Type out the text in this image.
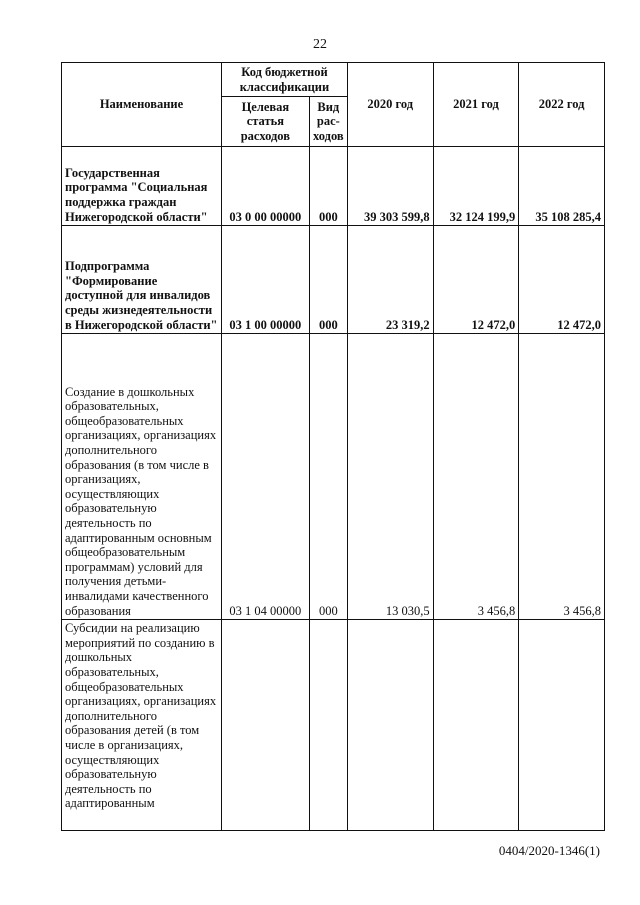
22
Наименование	Код бюджетной классификации		2020 год	2021 год	2022 год
	Целевая статья расходов	Вид рас- ходов			
Государственная программа "Социальная поддержка граждан Нижегородской области"	03 0 00 00000	000	39 303 599,8	32 124 199,9	35 108 285,4
Подпрограмма "Формирование доступной для инвалидов среды жизнедеятельности в Нижегородской области"	03 1 00 00000	000	23 319,2	12 472,0	12 472,0
Создание в дошкольных образовательных, общеобразовательных организациях, организациях дополнительного образования (в том числе в организациях, осуществляющих образовательную деятельность по адаптированным основным общеобразовательным программам) условий для получения детьми-инвалидами качественного образования	03 1 04 00000	000	13 030,5	3 456,8	3 456,8
Субсидии на реализацию мероприятий по созданию в дошкольных образовательных, общеобразовательных организациях, организациях дополнительного образования детей (в том числе в организациях, осуществляющих образовательную деятельность по адаптированным					
0404/2020-1346(1)
